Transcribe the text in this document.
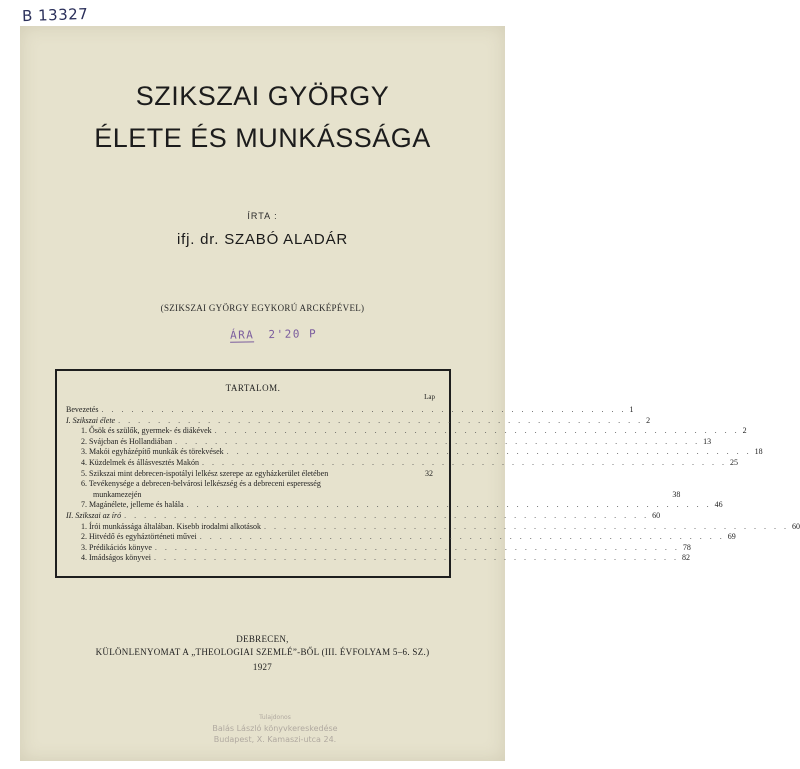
B 13327
SZIKSZAI GYÖRGY
ÉLETE ÉS MUNKÁSSÁGA
ÍRTA :
ifj. dr. SZABÓ ALADÁR
(SZIKSZAI GYÖRGY EGYKORÚ ARCKÉPÉVEL)
ÁRA 2'20 P
TARTALOM.
Lap
Bevezetés . . . . . . . . . . . . . . . . . . . . . . . . . . . . . . . . . . . . . . . . . . . . . . . . . . . . . 1
I. Szikszai élete . . . . . . . . . . . . . . . . . . . . . . . . . . . . . . . . . . . . . . . . . . . . . . . . . . . . . 2
1. Ősök és szülők, gyermek- és diákévek . . . . . . . . . . . . . . . . . . . . . . . . . . . . . . . . . . . . . . . . . . . . . . . . . . . . . 2
2. Svájcban és Hollandiában . . . . . . . . . . . . . . . . . . . . . . . . . . . . . . . . . . . . . . . . . . . . . . . . . . . . . 13
3. Makói egyházépítő munkák és törekvések . . . . . . . . . . . . . . . . . . . . . . . . . . . . . . . . . . . . . . . . . . . . . . . . . . . . . 18
4. Küzdelmek és állásvesztés Makón . . . . . . . . . . . . . . . . . . . . . . . . . . . . . . . . . . . . . . . . . . . . . . . . . . . . . 25
5. Szikszai mint debrecen-ispotályi lelkész szerepe az egyházkerület életében	32
6. Tevékenysége a debrecen-belvárosi lelkészség és a debreceni esperesség
munkamezején	38
7. Magánélete, jelleme és halála . . . . . . . . . . . . . . . . . . . . . . . . . . . . . . . . . . . . . . . . . . . . . . . . . . . . . 46
II. Szikszai az író . . . . . . . . . . . . . . . . . . . . . . . . . . . . . . . . . . . . . . . . . . . . . . . . . . . . . 60
1. Írói munkássága általában. Kisebb irodalmi alkotások . . . . . . . . . . . . . . . . . . . . . . . . . . . . . . . . . . . . . . . . . . . . . . . . . . . . . 60
2. Hitvédő és egyháztörténeti művei . . . . . . . . . . . . . . . . . . . . . . . . . . . . . . . . . . . . . . . . . . . . . . . . . . . . . 69
3. Prédikációs könyve . . . . . . . . . . . . . . . . . . . . . . . . . . . . . . . . . . . . . . . . . . . . . . . . . . . . . 78
4. Imádságos könyvei . . . . . . . . . . . . . . . . . . . . . . . . . . . . . . . . . . . . . . . . . . . . . . . . . . . . . 82
DEBRECEN,
KÜLÖNLENYOMAT A „THEOLOGIAI SZEMLÉ”-BŐL (III. ÉVFOLYAM 5–6. SZ.)
1927
Tulajdonos
Balás László könyvkereskedése
Budapest, X. Kamaszi-utca 24.
